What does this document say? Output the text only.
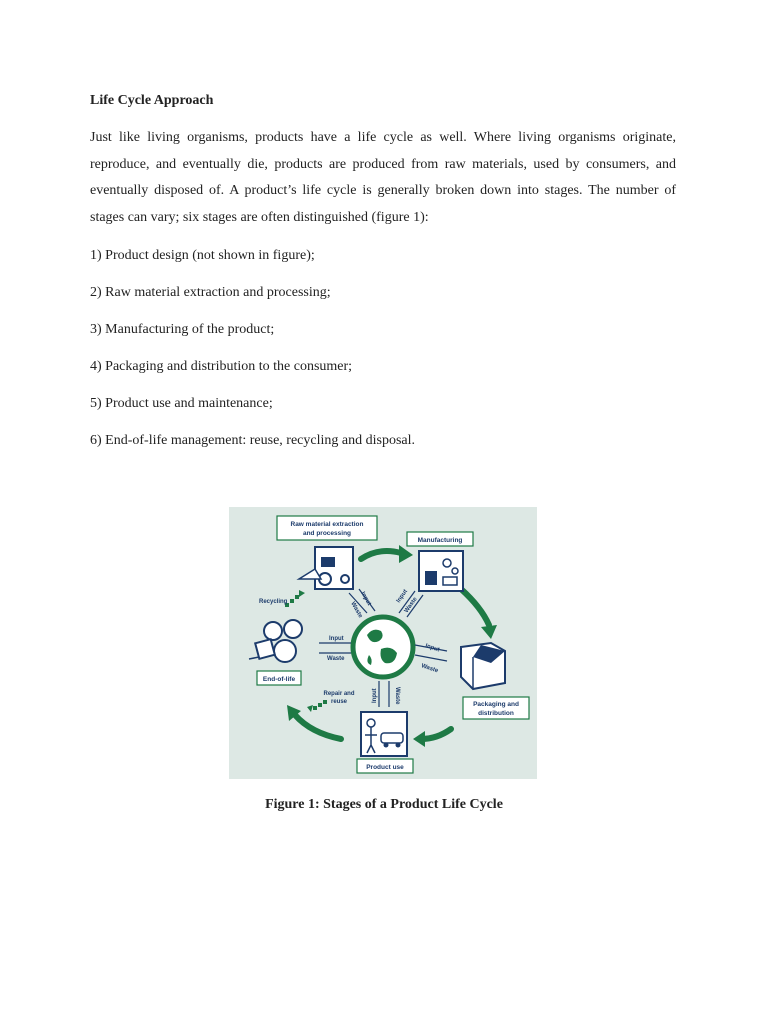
Life Cycle Approach

Just like living organisms, products have a life cycle as well. Where living organisms originate, reproduce, and eventually die, products are produced from raw materials, used by consumers, and eventually disposed of. A product’s life cycle is generally broken down into stages. The number of stages can vary; six stages are often distinguished (figure 1):

1) Product design (not shown in figure);
2) Raw material extraction and processing;
3) Manufacturing of the product;
4) Packaging and distribution to the consumer;
5) Product use and maintenance;
6) End-of-life management: reuse, recycling and disposal.
Raw material extraction
and processing
Manufacturing
Packaging and
distribution
Product use
End-of-life
Recycling
Repair and
reuse
Input
Waste
Input
Waste
Input
Waste
Input
Waste
Input	Waste

Figure 1: Stages of a Product Life Cycle
